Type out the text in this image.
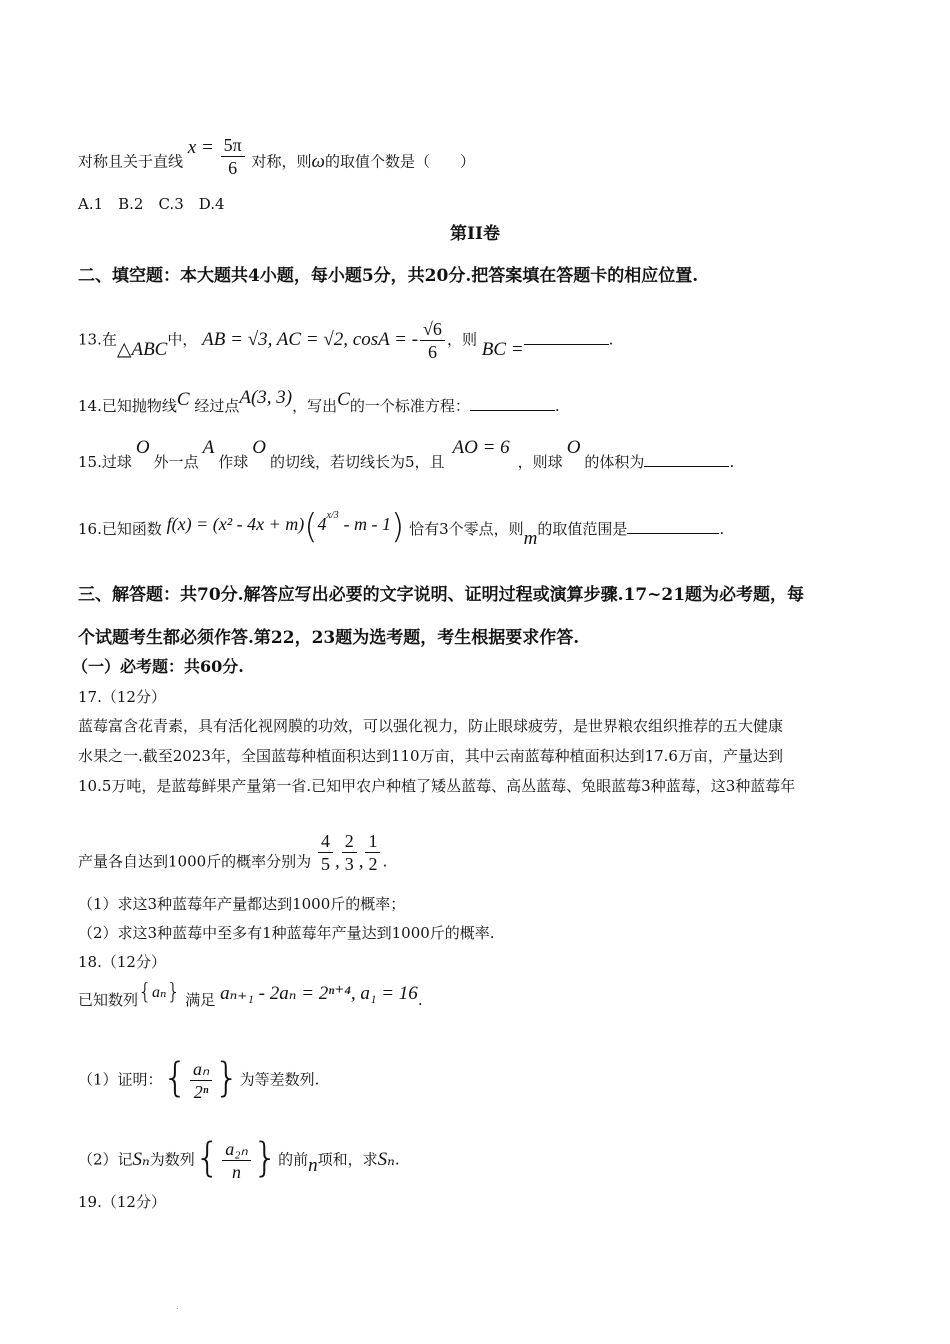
对称且关于直线 $x = \frac{5\pi}{6}$ 对称，则ω的取值个数是（　　）
A.1　B.2　C.3　D.4
第II卷
二、填空题：本大题共4小题，每小题5分，共20分.把答案填在答题卡的相应位置.
13.在△ABC中， AB = √3, AC = √2, cosA = - $\frac{√6}{6}$ ，则 BC =	.
14.已知抛物线C 经过点A(3, 3)，写出C的一个标准方程：	.
15.过球O外一点A作球O的切线，若切线长为5，且AO = 6，则球O的体积为	.
16.已知函数 $f(x) = (x^2 - 4x + m)(4^{x/3} - m - 1)$ 恰有3个零点，则m的取值范围是	.
三、解答题：共70分.解答应写出必要的文字说明、证明过程或演算步骤.17~21题为必考题，每
个试题考生都必须作答.第22，23题为选考题，考生根据要求作答.
（一）必考题：共60分.
17.（12分）
蓝莓富含花青素，具有活化视网膜的功效，可以强化视力，防止眼球疲劳，是世界粮农组织推荐的五大健康
水果之一.截至2023年，全国蓝莓种植面积达到110万亩，其中云南蓝莓种植面积达到17.6万亩，产量达到
10.5万吨，是蓝莓鲜果产量第一省.已知甲农户种植了矮丛蓝莓、高丛蓝莓、兔眼蓝莓3种蓝莓，这3种蓝莓年
产量各自达到1000斤的概率分别为 $\frac{4}{5}$ , $\frac{2}{3}$ , $\frac{1}{2}$ .
（1）求这3种蓝莓年产量都达到1000斤的概率；
（2）求这3种蓝莓中至多有1种蓝莓年产量达到1000斤的概率.
18.（12分）
已知数列{aₙ} 满足 aₙ₊₁ - 2aₙ = 2ⁿ⁺⁴, a₁ = 16.
（1）证明：{ $\frac{\text{aₙ}}{\text{2ⁿ}}$ }为等差数列.
（2）记Sₙ为数列{ $\frac{\text{a₂ₙ}}{n}$ }的前n项和，求Sₙ.
19.（12分）
.
